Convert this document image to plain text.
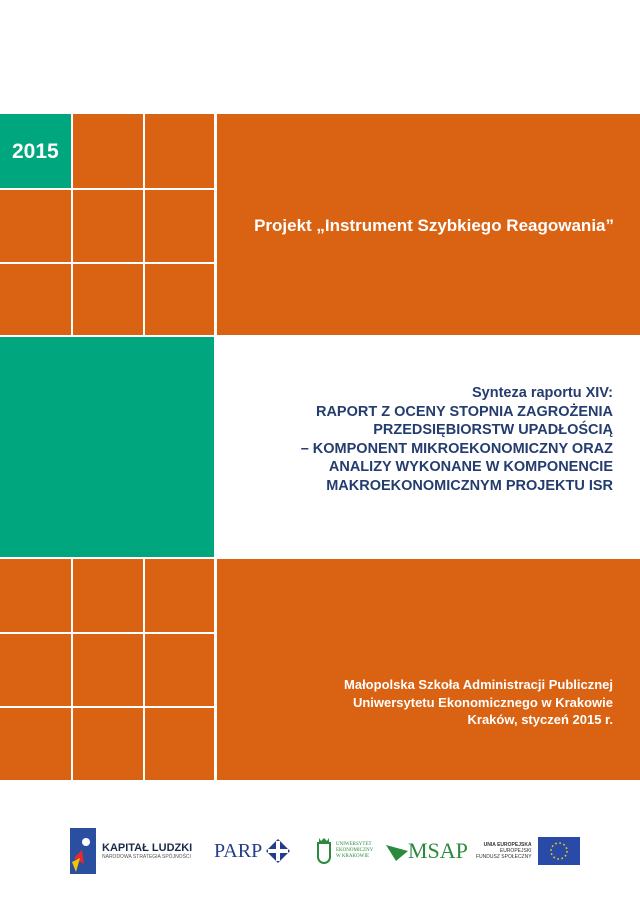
2015
Projekt „Instrument Szybkiego Reagowania”
Synteza raportu XIV:
RAPORT Z OCENY STOPNIA ZAGROŻENIA
PRZEDSIĘBIORSTW UPADŁOŚCIĄ
– KOMPONENT MIKROEKONOMICZNY ORAZ
ANALIZY WYKONANE W KOMPONENCIE
MAKROEKONOMICZNYM PROJEKTU ISR
Małopolska Szkoła Administracji Publicznej
Uniwersytetu Ekonomicznego w Krakowie
Kraków, styczeń 2015 r.
KAPITAŁ LUDZKI
NARODOWA STRATEGIA SPÓJNOŚCI PARP	UNIWERSYTET
EKONOMICZNY
W KRAKOWIE MSAP	UNIA EUROPEJSKA
EUROPEJSKI
FUNDUSZ SPOŁECZNY
